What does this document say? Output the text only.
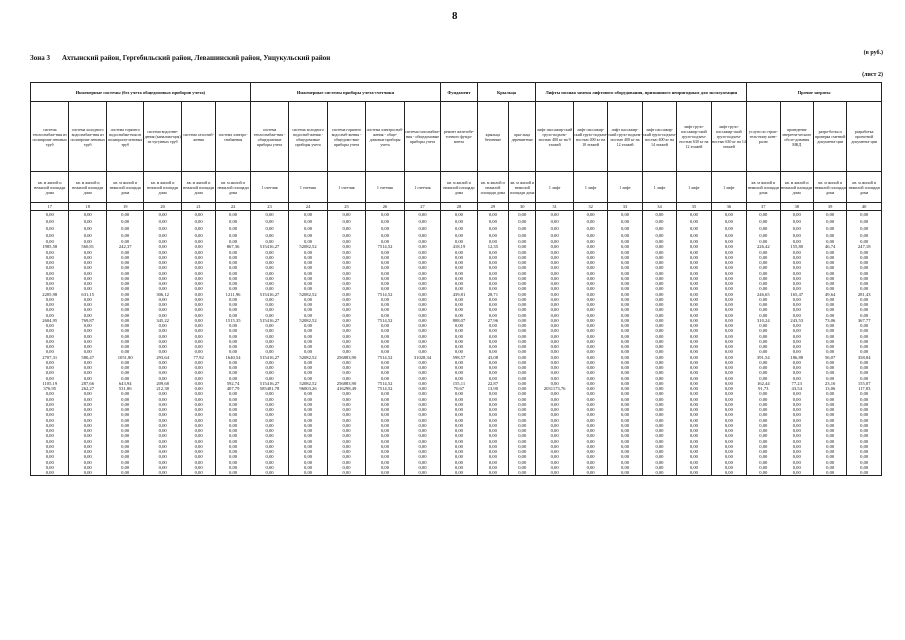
8
(в руб.)
Зона 3 Ахтынский район, Гергебильский район, Левашинский район, Унцукульский район
(лист 2)
Инженерные системы (без учета общедомовых приборов учета)						Инженерные системы приборы учета-счетчики					Фундамент	Крыльца		Лифты полная замена лифтового оборудования, признанного непригодным для эксплуатации						Прочие затраты			
система теплоснабже-ния из полипропи-леновых труб	система холодного водоснабже-ния из полипропи-леновых труб	система горячего водоснабже-ния из полипропи-леновых труб	система водоотве-дения (канализа-ция) из чугунных труб	система газоснаб-жения	система электро-снабжения	система теплоснабже-ния - общедомовые приборы учета	система холодного водоснаб-жения - общедомовые приборы учета	система горячего водоснаб-жения - общедомо-вые приборы учета	система электроснаб-жения - обще-домовые приборы учета	система газоснабже-ния - общедомовые приборы учета	ремонт железобе-тонного фунда-мента	крыльца бетонные	кры-льца деревян-ные	лифт пассажир-ский грузо-подъем-ностью 400 кг на 9 этажей	лифт пассажир-ский грузо-подъем-ностью 400 кг на 10 этажей	лифт пассажир-ский грузо-подъем-ностью 400 кг на 12 этажей	лифт пассажир-ский грузо-подъем-ностью 400 кг на 14 этажей	лифт грузо-пассажир-ский грузо-подъем-ностью 630 кг на 12 этажей	лифт грузо-пассажир-ский грузо-подъем-ностью 630 кг на 14 этажей	услуги по строи-тель-ному конт-ролю	проведение энергети-ческого обсле-дования МКД	разра-ботка и проверка сметной документа-ции	разработка проектной документа-ции
кв. м жилой и нежилой площади дома	кв. м жилой и нежилой площади дома	кв. м жилой и нежилой площади дома	кв. м жилой и нежилой площади дома	кв. м жилой и нежилой площади дома	кв. м жилой и нежилой площади дома	1 счетчик	1 счетчик	1 счетчик	1 счетчик	1 счетчик	кв. м жилой и нежилой площади дома	кв. м жилой и нежилой площади дома	кв. м жилой и нежилой площади дома	1 лифт	1 лифт	1 лифт	1 лифт	1 лифт	1 лифт	кв. м жилой и нежилой площади дома	кв. м жилой и нежилой площади дома	кв. м жилой и нежилой площади дома	кв. м жилой и нежилой площади дома
17	18	19	20	21	22	23	24	25	26	27	28	29	30	31	32	33	34	35	36	37	38	39	40
0,00	0,00	0,00	0,00	0,00	0,00	0,00	0,00	0,00	0,00	0,00	0,00	0,00	0,00	0,00	0,00	0,00	0,00	0,00	0,00	0,00	0,00	0,00	0,00
0,00	0,00	0,00	0,00	0,00	0,00	0,00	0,00	0,00	0,00	0,00	0,00	0,00	0,00	0,00	0,00	0,00	0,00	0,00	0,00	0,00	0,00	0,00	0,00
0,00	0,00	0,00	0,00	0,00	0,00	0,00	0,00	0,00	0,00	0,00	0,00	0,00	0,00	0,00	0,00	0,00	0,00	0,00	0,00	0,00	0,00	0,00	0,00
0,00	0,00	0,00	0,00	0,00	0,00	0,00	0,00	0,00	0,00	0,00	0,00	0,00	0,00	0,00	0,00	0,00	0,00	0,00	0,00	0,00	0,00	0,00	0,00
0,00	0,00	0,00	0,00	0,00	0,00	0,00	0,00	0,00	0,00	0,00	0,00	0,00	0,00	0,00	0,00	0,00	0,00	0,00	0,00	0,00	0,00	0,00	0,00
1985,58	560,81	242,37	0,00	0,00	867,36	515416,27	52082,52	0,00	7514,52	0,00	418,19	12,35	0,00	0,00	0,00	0,00	0,00	0,00	0,00	226,42	155,80	46,74	247,18
0,00	0,00	0,00	0,00	0,00	0,00	0,00	0,00	0,00	0,00	0,00	0,00	0,00	0,00	0,00	0,00	0,00	0,00	0,00	0,00	0,00	0,00	0,00	0,00
0,00	0,00	0,00	0,00	0,00	0,00	0,00	0,00	0,00	0,00	0,00	0,00	0,00	0,00	0,00	0,00	0,00	0,00	0,00	0,00	0,00	0,00	0,00	0,00
0,00	0,00	0,00	0,00	0,00	0,00	0,00	0,00	0,00	0,00	0,00	0,00	0,00	0,00	0,00	0,00	0,00	0,00	0,00	0,00	0,00	0,00	0,00	0,00
0,00	0,00	0,00	0,00	0,00	0,00	0,00	0,00	0,00	0,00	0,00	0,00	0,00	0,00	0,00	0,00	0,00	0,00	0,00	0,00	0,00	0,00	0,00	0,00
0,00	0,00	0,00	0,00	0,00	0,00	0,00	0,00	0,00	0,00	0,00	0,00	0,00	0,00	0,00	0,00	0,00	0,00	0,00	0,00	0,00	0,00	0,00	0,00
0,00	0,00	0,00	0,00	0,00	0,00	0,00	0,00	0,00	0,00	0,00	0,00	0,00	0,00	0,00	0,00	0,00	0,00	0,00	0,00	0,00	0,00	0,00	0,00
0,00	0,00	0,00	0,00	0,00	0,00	0,00	0,00	0,00	0,00	0,00	0,00	0,00	0,00	0,00	0,00	0,00	0,00	0,00	0,00	0,00	0,00	0,00	0,00
0,00	0,00	0,00	0,00	0,00	0,00	0,00	0,00	0,00	0,00	0,00	0,00	0,00	0,00	0,00	0,00	0,00	0,00	0,00	0,00	0,00	0,00	0,00	0,00
2205,98	631,15	0,00	306,12	0,00	1211,96	515416,27	52082,52	0,00	7514,52	0,00	439,81	28,71	0,00	0,00	0,00	0,00	0,00	0,00	0,00	246,65	165,47	49,64	281,43
0,00	0,00	0,00	0,00	0,00	0,00	0,00	0,00	0,00	0,00	0,00	0,00	0,00	0,00	0,00	0,00	0,00	0,00	0,00	0,00	0,00	0,00	0,00	0,00
0,00	0,00	0,00	0,00	0,00	0,00	0,00	0,00	0,00	0,00	0,00	0,00	0,00	0,00	0,00	0,00	0,00	0,00	0,00	0,00	0,00	0,00	0,00	0,00
0,00	0,00	0,00	0,00	0,00	0,00	0,00	0,00	0,00	0,00	0,00	0,00	0,00	0,00	0,00	0,00	0,00	0,00	0,00	0,00	0,00	0,00	0,00	0,00
0,00	0,00	0,00	0,00	0,00	0,00	0,00	0,00	0,00	0,00	0,00	0,00	0,00	0,00	0,00	0,00	0,00	0,00	0,00	0,00	0,00	0,00	0,00	0,00
2604,95	769,87	0,00	345,22	0,00	1515,35	515416,27	52082,52	0,00	7514,52	0,00	808,07	27,96	0,00	0,00	0,00	0,00	0,00	0,00	0,00	310,24	243,53	73,06	367,77
0,00	0,00	0,00	0,00	0,00	0,00	0,00	0,00	0,00	0,00	0,00	0,00	0,00	0,00	0,00	0,00	0,00	0,00	0,00	0,00	0,00	0,00	0,00	0,00
0,00	0,00	0,00	0,00	0,00	0,00	0,00	0,00	0,00	0,00	0,00	0,00	0,00	0,00	0,00	0,00	0,00	0,00	0,00	0,00	0,00	0,00	0,00	0,00
0,00	0,00	0,00	0,00	0,00	0,00	0,00	0,00	0,00	0,00	0,00	0,00	0,00	0,00	0,00	0,00	0,00	0,00	0,00	0,00	0,00	0,00	0,00	0,00
0,00	0,00	0,00	0,00	0,00	0,00	0,00	0,00	0,00	0,00	0,00	0,00	0,00	0,00	0,00	0,00	0,00	0,00	0,00	0,00	0,00	0,00	0,00	0,00
0,00	0,00	0,00	0,00	0,00	0,00	0,00	0,00	0,00	0,00	0,00	0,00	0,00	0,00	0,00	0,00	0,00	0,00	0,00	0,00	0,00	0,00	0,00	0,00
0,00	0,00	0,00	0,00	0,00	0,00	0,00	0,00	0,00	0,00	0,00	0,00	0,00	0,00	0,00	0,00	0,00	0,00	0,00	0,00	0,00	0,00	0,00	0,00
2707,31	580,47	1051,80	293,64	77,92	1640,54	515416,27	52082,52	256883,90	7514,52	31028,34	598,57	43,08	0,00	0,00	0,00	0,00	0,00	0,00	0,00	391,54	186,88	56,07	358,84
0,00	0,00	0,00	0,00	0,00	0,00	0,00	0,00	0,00	0,00	0,00	0,00	0,00	0,00	0,00	0,00	0,00	0,00	0,00	0,00	0,00	0,00	0,00	0,00
0,00	0,00	0,00	0,00	0,00	0,00	0,00	0,00	0,00	0,00	0,00	0,00	0,00	0,00	0,00	0,00	0,00	0,00	0,00	0,00	0,00	0,00	0,00	0,00
0,00	0,00	0,00	0,00	0,00	0,00	0,00	0,00	0,00	0,00	0,00	0,00	0,00	0,00	0,00	0,00	0,00	0,00	0,00	0,00	0,00	0,00	0,00	0,00
0,00	0,00	0,00	0,00	0,00	0,00	0,00	0,00	0,00	0,00	0,00	0,00	0,00	0,00	0,00	0,00	0,00	0,00	0,00	0,00	0,00	0,00	0,00	0,00
1105,19	287,66	643,94	209,68	0,00	592,74	515416,27	52082,52	256883,90	7514,52	0,00	155,11	22,87	0,00	0,00	0,00	0,00	0,00	0,00	0,00	162,44	77,23	23,16	155,07
376,95	262,27	531,86	212,38	0,00	407,79	585481,78	96003,26	416298,49	7514,52	0,00	70,67	13,90	0,00	2031173,76	0,00	0,00	0,00	0,00	0,00	91,73	43,54	13,06	117,83
0,00	0,00	0,00	0,00	0,00	0,00	0,00	0,00	0,00	0,00	0,00	0,00	0,00	0,00	0,00	0,00	0,00	0,00	0,00	0,00	0,00	0,00	0,00	0,00
0,00	0,00	0,00	0,00	0,00	0,00	0,00	0,00	0,00	0,00	0,00	0,00	0,00	0,00	0,00	0,00	0,00	0,00	0,00	0,00	0,00	0,00	0,00	0,00
0,00	0,00	0,00	0,00	0,00	0,00	0,00	0,00	0,00	0,00	0,00	0,00	0,00	0,00	0,00	0,00	0,00	0,00	0,00	0,00	0,00	0,00	0,00	0,00
0,00	0,00	0,00	0,00	0,00	0,00	0,00	0,00	0,00	0,00	0,00	0,00	0,00	0,00	0,00	0,00	0,00	0,00	0,00	0,00	0,00	0,00	0,00	0,00
0,00	0,00	0,00	0,00	0,00	0,00	0,00	0,00	0,00	0,00	0,00	0,00	0,00	0,00	0,00	0,00	0,00	0,00	0,00	0,00	0,00	0,00	0,00	0,00
0,00	0,00	0,00	0,00	0,00	0,00	0,00	0,00	0,00	0,00	0,00	0,00	0,00	0,00	0,00	0,00	0,00	0,00	0,00	0,00	0,00	0,00	0,00	0,00
0,00	0,00	0,00	0,00	0,00	0,00	0,00	0,00	0,00	0,00	0,00	0,00	0,00	0,00	0,00	0,00	0,00	0,00	0,00	0,00	0,00	0,00	0,00	0,00
0,00	0,00	0,00	0,00	0,00	0,00	0,00	0,00	0,00	0,00	0,00	0,00	0,00	0,00	0,00	0,00	0,00	0,00	0,00	0,00	0,00	0,00	0,00	0,00
0,00	0,00	0,00	0,00	0,00	0,00	0,00	0,00	0,00	0,00	0,00	0,00	0,00	0,00	0,00	0,00	0,00	0,00	0,00	0,00	0,00	0,00	0,00	0,00
0,00	0,00	0,00	0,00	0,00	0,00	0,00	0,00	0,00	0,00	0,00	0,00	0,00	0,00	0,00	0,00	0,00	0,00	0,00	0,00	0,00	0,00	0,00	0,00
0,00	0,00	0,00	0,00	0,00	0,00	0,00	0,00	0,00	0,00	0,00	0,00	0,00	0,00	0,00	0,00	0,00	0,00	0,00	0,00	0,00	0,00	0,00	0,00
0,00	0,00	0,00	0,00	0,00	0,00	0,00	0,00	0,00	0,00	0,00	0,00	0,00	0,00	0,00	0,00	0,00	0,00	0,00	0,00	0,00	0,00	0,00	0,00
0,00	0,00	0,00	0,00	0,00	0,00	0,00	0,00	0,00	0,00	0,00	0,00	0,00	0,00	0,00	0,00	0,00	0,00	0,00	0,00	0,00	0,00	0,00	0,00
0,00	0,00	0,00	0,00	0,00	0,00	0,00	0,00	0,00	0,00	0,00	0,00	0,00	0,00	0,00	0,00	0,00	0,00	0,00	0,00	0,00	0,00	0,00	0,00
0,00	0,00	0,00	0,00	0,00	0,00	0,00	0,00	0,00	0,00	0,00	0,00	0,00	0,00	0,00	0,00	0,00	0,00	0,00	0,00	0,00	0,00	0,00	0,00
0,00	0,00	0,00	0,00	0,00	0,00	0,00	0,00	0,00	0,00	0,00	0,00	0,00	0,00	0,00	0,00	0,00	0,00	0,00	0,00	0,00	0,00	0,00	0,00
